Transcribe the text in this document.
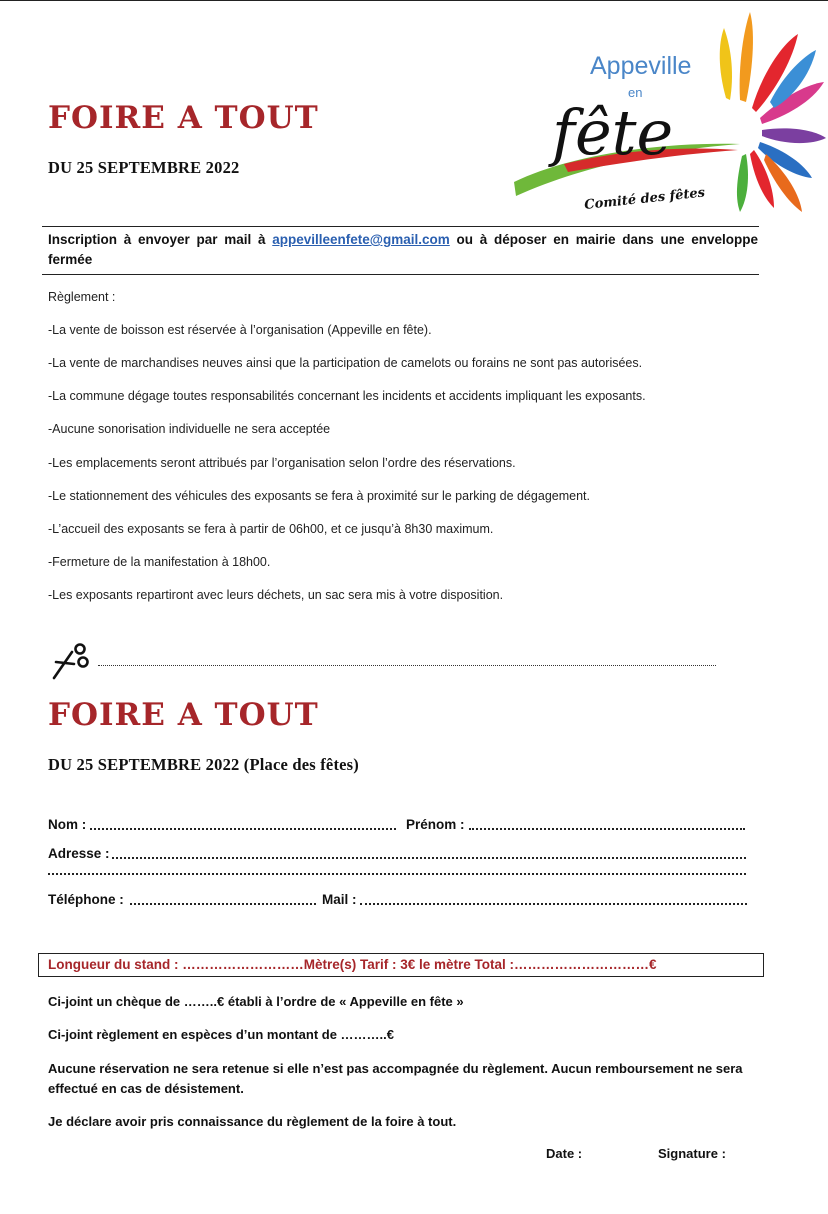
FOIRE A TOUT
DU 25 SEPTEMBRE 2022
Appeville
en
fête
Comité des fêtes
Inscription à envoyer par mail à appevilleenfete@gmail.com ou à déposer en mairie dans une enveloppe fermée
Règlement :
-La vente de boisson est réservée à l’organisation (Appeville en fête).
-La vente de marchandises neuves ainsi que la participation de camelots ou forains ne sont pas autorisées.
-La commune dégage toutes responsabilités concernant les incidents et accidents impliquant les exposants.
-Aucune sonorisation individuelle ne sera acceptée
-Les emplacements seront attribués par l’organisation selon l’ordre des réservations.
-Le stationnement des véhicules des exposants se fera à proximité sur le parking de dégagement.
-L’accueil des exposants se fera à partir de 06h00, et ce jusqu’à 8h30 maximum.
-Fermeture de la manifestation à 18h00.
-Les exposants repartiront avec leurs déchets, un sac sera mis à votre disposition.
FOIRE A TOUT
DU 25 SEPTEMBRE 2022 (Place des fêtes)
Nom :	Prénom :
Adresse :
Téléphone :	Mail :
Longueur du stand : ………………………Mètre(s) Tarif : 3€ le mètre Total :…………………………€
Ci-joint un chèque de ……..€ établi à l’ordre de « Appeville en fête »
Ci-joint règlement en espèces d’un montant de ………..€
Aucune réservation ne sera retenue si elle n’est pas accompagnée du règlement. Aucun remboursement ne sera effectué en cas de désistement.
Je déclare avoir pris connaissance du règlement de la foire à tout.
Date :	Signature :
